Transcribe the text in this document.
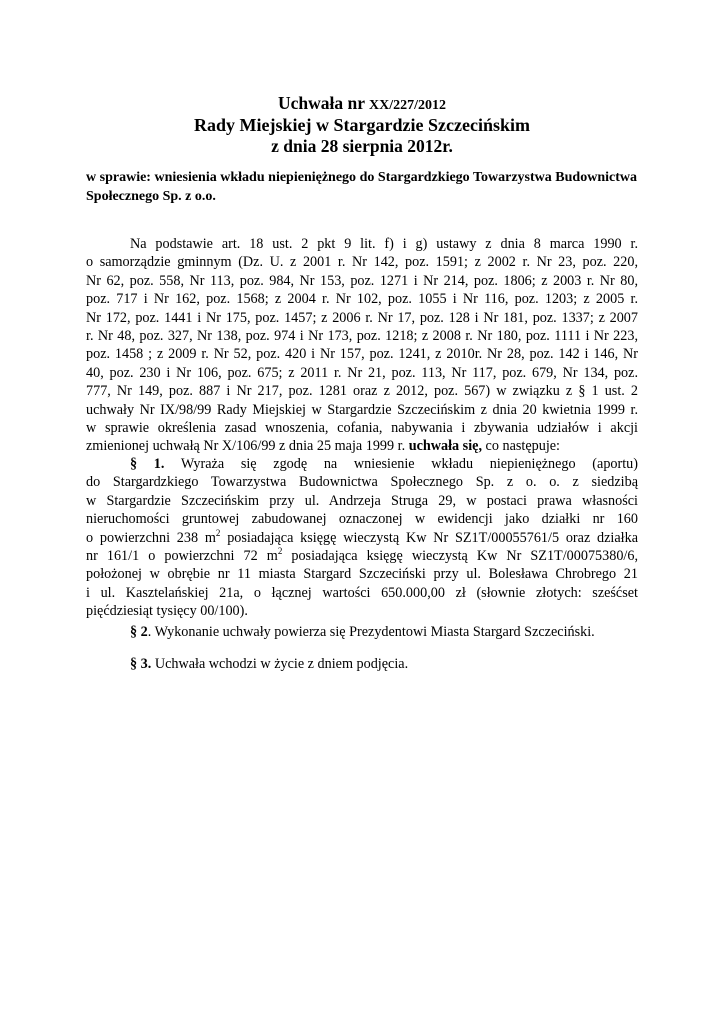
Uchwała nr XX/227/2012
Rady Miejskiej w Stargardzie Szczecińskim
z dnia 28 sierpnia 2012r.
w sprawie: wniesienia wkładu niepieniężnego do Stargardzkiego Towarzystwa Budownictwa Społecznego Sp. z o.o.
Na podstawie art. 18 ust. 2 pkt 9 lit. f) i g) ustawy z dnia 8 marca 1990 r.
o samorządzie gminnym (Dz. U. z 2001 r. Nr 142, poz. 1591; z 2002 r. Nr 23, poz. 220,
Nr 62, poz. 558, Nr 113, poz. 984, Nr 153, poz. 1271 i Nr 214, poz. 1806; z 2003 r. Nr 80,
poz. 717 i Nr 162, poz. 1568; z 2004 r. Nr 102, poz. 1055 i Nr 116, poz. 1203; z 2005 r.
Nr 172, poz. 1441 i Nr 175, poz. 1457; z 2006 r. Nr 17, poz. 128 i Nr 181, poz. 1337; z 2007
r. Nr 48, poz. 327, Nr 138, poz. 974 i Nr 173, poz. 1218; z 2008 r. Nr 180, poz. 1111 i Nr 223,
poz. 1458 ; z 2009 r. Nr 52, poz. 420 i Nr 157, poz. 1241, z 2010r. Nr 28, poz. 142 i 146, Nr
40, poz. 230 i Nr 106, poz. 675; z 2011 r. Nr 21, poz. 113, Nr 117, poz. 679, Nr 134, poz.
777, Nr 149, poz. 887 i Nr 217, poz. 1281 oraz z 2012, poz. 567) w związku z § 1 ust. 2
uchwały Nr IX/98/99 Rady Miejskiej w Stargardzie Szczecińskim z dnia 20 kwietnia 1999 r.
w sprawie określenia zasad wnoszenia, cofania, nabywania i zbywania udziałów i akcji
zmienionej uchwałą Nr X/106/99 z dnia 25 maja 1999 r. uchwała się, co następuje:
§ 1. Wyraża się zgodę na wniesienie wkładu niepieniężnego (aportu)
do Stargardzkiego Towarzystwa Budownictwa Społecznego Sp. z o. o. z siedzibą
w Stargardzie Szczecińskim przy ul. Andrzeja Struga 29, w postaci prawa własności
nieruchomości gruntowej zabudowanej oznaczonej w ewidencji jako działki nr 160
o powierzchni 238 $m^2$ posiadająca księgę wieczystą Kw Nr SZ1T/00055761/5 oraz działka
nr 161/1 o powierzchni 72 $m^2$ posiadająca księgę wieczystą Kw Nr SZ1T/00075380/6,
położonej w obrębie nr 11 miasta Stargard Szczeciński przy ul. Bolesława Chrobrego 21
i ul. Kasztelańskiej 21a, o łącznej wartości 650.000,00 zł (słownie złotych: sześćset
pięćdziesiąt tysięcy 00/100).
§ 2. Wykonanie uchwały powierza się Prezydentowi Miasta Stargard Szczeciński.
§ 3. Uchwała wchodzi w życie z dniem podjęcia.
